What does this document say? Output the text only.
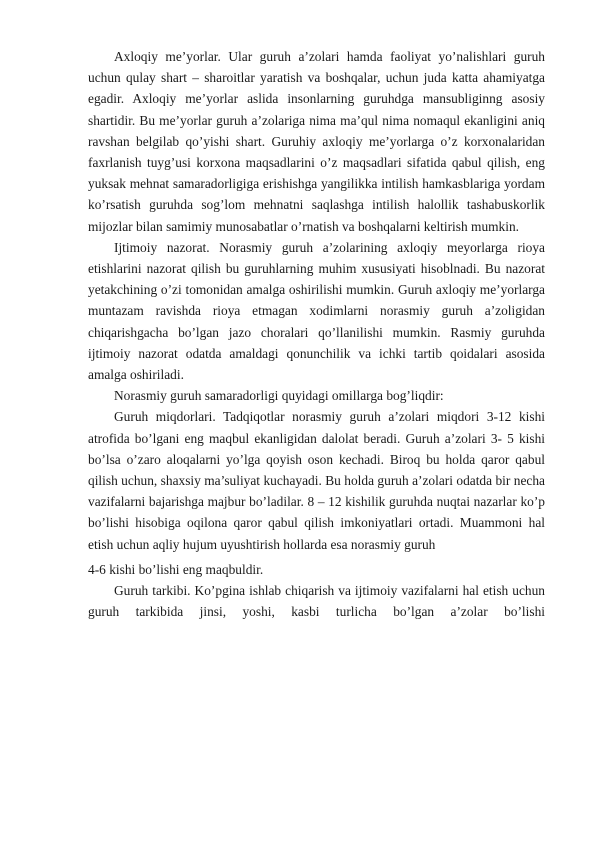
Axloqiy me’yorlar. Ular guruh a’zolari hamda faoliyat yo’nalishlari guruh uchun qulay shart – sharoitlar yaratish va boshqalar, uchun juda katta ahamiyatga egadir. Axloqiy me’yorlar aslida insonlarning guruhdga mansubliginng asosiy shartidir. Bu me’yorlar guruh a’zolariga nima ma’qul nima nomaqul ekanligini aniq ravshan belgilab qo’yishi shart. Guruhiy axloqiy me’yorlarga o’z korxonalaridan faxrlanish tuyg’usi korxona maqsadlarini o’z maqsadlari sifatida qabul qilish, eng yuksak mehnat samaradorligiga erishishga yangilikka intilish hamkasblariga yordam ko’rsatish guruhda sog’lom mehnatni saqlashga intilish halollik tashabuskorlik mijozlar bilan samimiy munosabatlar o’rnatish va boshqalarni keltirish mumkin.

Ijtimoiy nazorat. Norasmiy guruh a’zolarining axloqiy meyorlarga rioya etishlarini nazorat qilish bu guruhlarning muhim xususiyati hisoblnadi. Bu nazorat yetakchining o’zi tomonidan amalga oshirilishi mumkin. Guruh axloqiy me’yorlarga muntazam ravishda rioya etmagan xodimlarni norasmiy guruh a’zoligidan chiqarishgacha bo’lgan jazo choralari qo’llanilishi mumkin. Rasmiy guruhda ijtimoiy nazorat odatda amaldagi qonunchilik va ichki tartib qoidalari asosida amalga oshiriladi.

Norasmiy guruh samaradorligi quyidagi omillarga bog’liqdir:

Guruh miqdorlari. Tadqiqotlar norasmiy guruh a’zolari miqdori 3-12 kishi atrofida bo’lgani eng maqbul ekanligidan dalolat beradi. Guruh a’zolari 3- 5 kishi bo’lsa o’zaro aloqalarni yo’lga qoyish oson kechadi. Biroq bu holda qaror qabul qilish uchun, shaxsiy ma’suliyat kuchayadi. Bu holda guruh a’zolari odatda bir necha vazifalarni bajarishga majbur bo’ladilar. 8 – 12 kishilik guruhda nuqtai nazarlar ko’p bo’lishi hisobiga oqilona qaror qabul qilish imkoniyatlari ortadi. Muammoni hal etish uchun aqliy hujum uyushtirish hollarda esa norasmiy guruh

4-6 kishi bo’lishi eng maqbuldir.

Guruh tarkibi. Ko’pgina ishlab chiqarish va ijtimoiy vazifalarni hal etish uchun guruh tarkibida jinsi, yoshi, kasbi turlicha bo’lgan a’zolar bo’lishi
